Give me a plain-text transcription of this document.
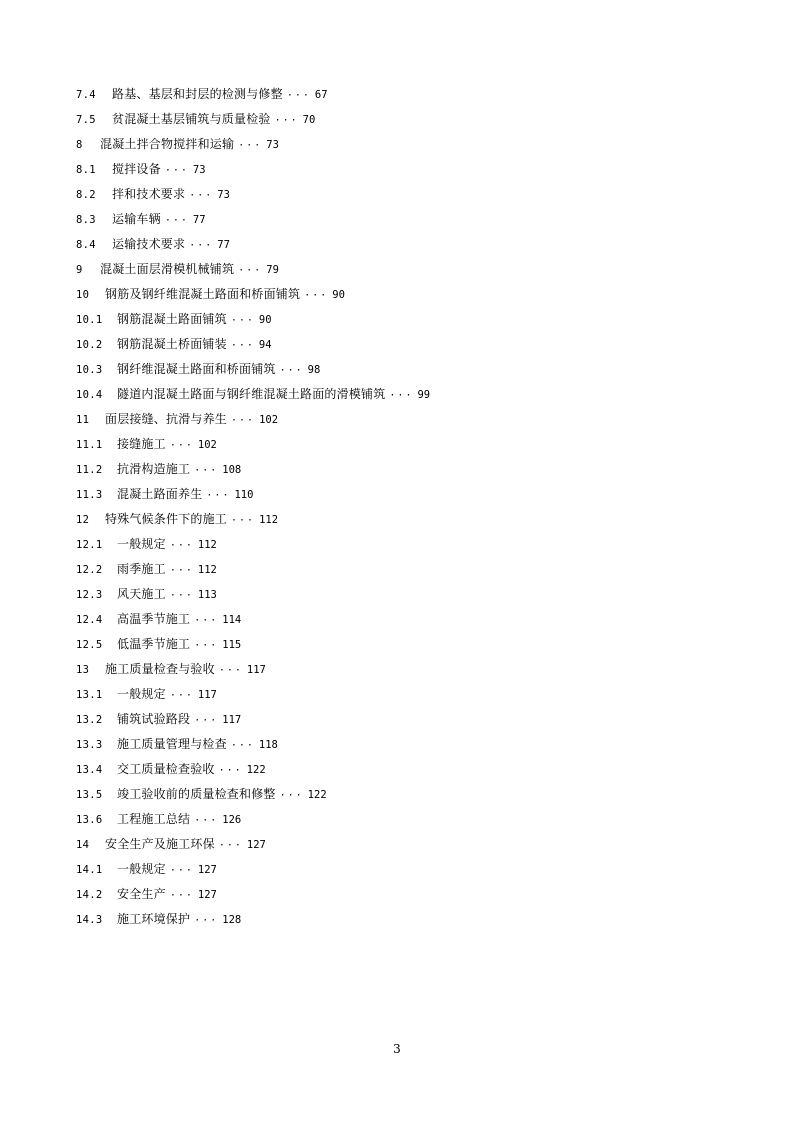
7.4 路基、基层和封层的检测与修整 ··· 67
7.5 贫混凝土基层铺筑与质量检验 ··· 70
8 混凝土拌合物搅拌和运输 ··· 73
8.1 搅拌设备 ··· 73
8.2 拌和技术要求 ··· 73
8.3 运输车辆 ··· 77
8.4 运输技术要求 ··· 77
9 混凝土面层滑模机械铺筑 ··· 79
10 钢筋及钢纤维混凝土路面和桥面铺筑 ··· 90
10.1 钢筋混凝土路面铺筑 ··· 90
10.2 钢筋混凝土桥面铺装 ··· 94
10.3 钢纤维混凝土路面和桥面铺筑 ··· 98
10.4 隧道内混凝土路面与钢纤维混凝土路面的滑模铺筑 ··· 99
11 面层接缝、抗滑与养生 ··· 102
11.1 接缝施工 ··· 102
11.2 抗滑构造施工 ··· 108
11.3 混凝土路面养生 ··· 110
12 特殊气候条件下的施工 ··· 112
12.1 一般规定 ··· 112
12.2 雨季施工 ··· 112
12.3 风天施工 ··· 113
12.4 高温季节施工 ··· 114
12.5 低温季节施工 ··· 115
13 施工质量检查与验收 ··· 117
13.1 一般规定 ··· 117
13.2 铺筑试验路段 ··· 117
13.3 施工质量管理与检查 ··· 118
13.4 交工质量检查验收 ··· 122
13.5 竣工验收前的质量检查和修整 ··· 122
13.6 工程施工总结 ··· 126
14 安全生产及施工环保 ··· 127
14.1 一般规定 ··· 127
14.2 安全生产 ··· 127
14.3 施工环境保护 ··· 128
3
